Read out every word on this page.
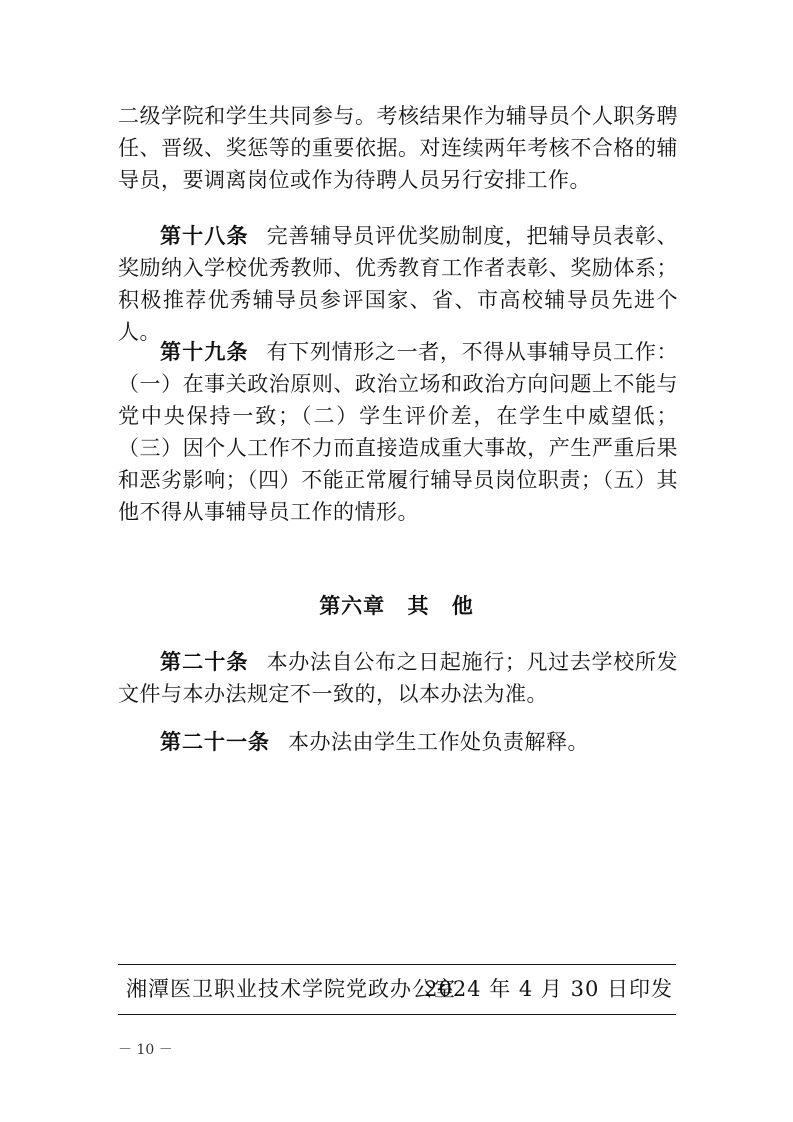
二级学院和学生共同参与。考核结果作为辅导员个人职务聘任、晋级、奖惩等的重要依据。对连续两年考核不合格的辅导员，要调离岗位或作为待聘人员另行安排工作。

第十八条 完善辅导员评优奖励制度，把辅导员表彰、奖励纳入学校优秀教师、优秀教育工作者表彰、奖励体系；积极推荐优秀辅导员参评国家、省、市高校辅导员先进个人。

第十九条 有下列情形之一者，不得从事辅导员工作：（一）在事关政治原则、政治立场和政治方向问题上不能与党中央保持一致；（二）学生评价差，在学生中威望低；（三）因个人工作不力而直接造成重大事故，产生严重后果和恶劣影响；（四）不能正常履行辅导员岗位职责；（五）其他不得从事辅导员工作的情形。

第六章 其 他

第二十条 本办法自公布之日起施行；凡过去学校所发文件与本办法规定不一致的，以本办法为准。

第二十一条 本办法由学生工作处负责解释。

湘潭医卫职业技术学院党政办公室
2024 年 4 月 30 日印发
－ 10 －
